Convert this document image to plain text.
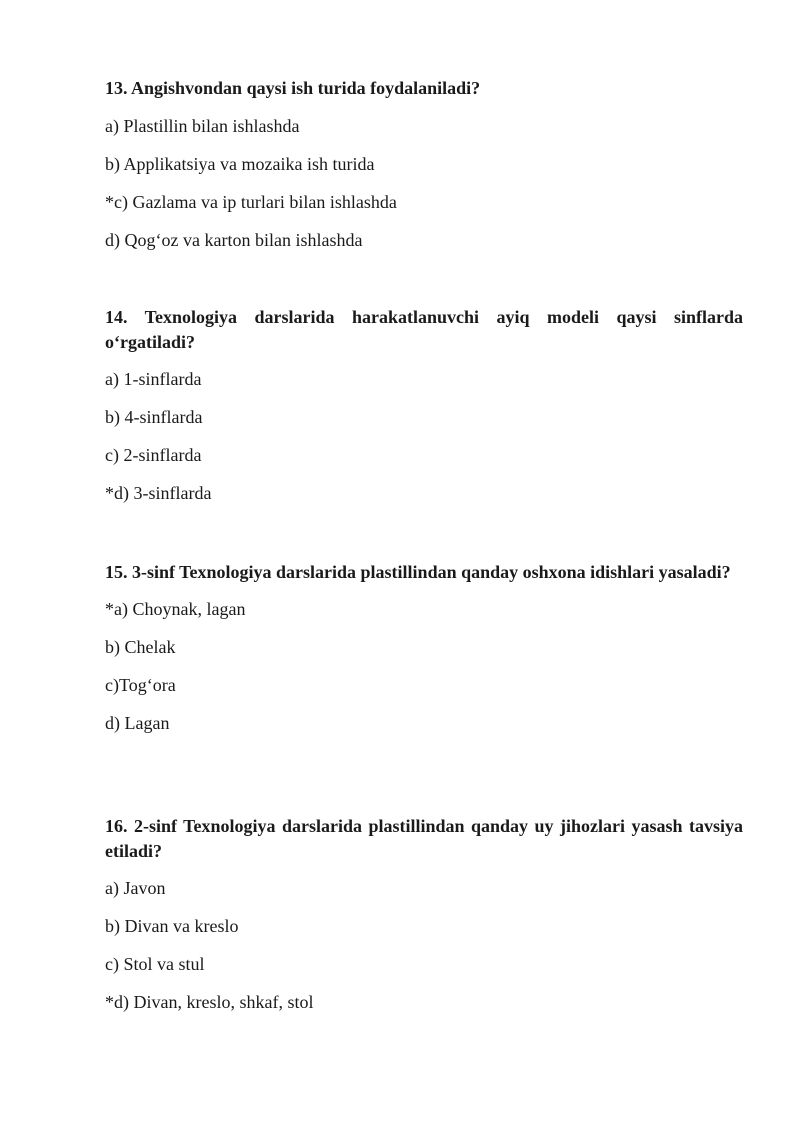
13. Angishvondan qaysi ish turida foydalaniladi?

a) Plastillin bilan ishlashda
b) Applikatsiya va mozaika ish turida
*c) Gazlama va ip turlari bilan ishlashda
d) Qog‘oz va karton bilan ishlashda

14. Texnologiya darslarida harakatlanuvchi ayiq modeli qaysi sinflarda o‘rgatiladi?

a) 1-sinflarda
b) 4-sinflarda
c) 2-sinflarda
*d) 3-sinflarda

15. 3-sinf Texnologiya darslarida plastillindan qanday oshxona idishlari yasaladi?

*a) Choynak, lagan
b) Chelak
c)Tog‘ora
d) Lagan

16. 2-sinf Texnologiya darslarida plastillindan qanday uy jihozlari yasash tavsiya etiladi?

a) Javon
b) Divan va kreslo
c) Stol va stul
*d) Divan, kreslo, shkaf, stol
